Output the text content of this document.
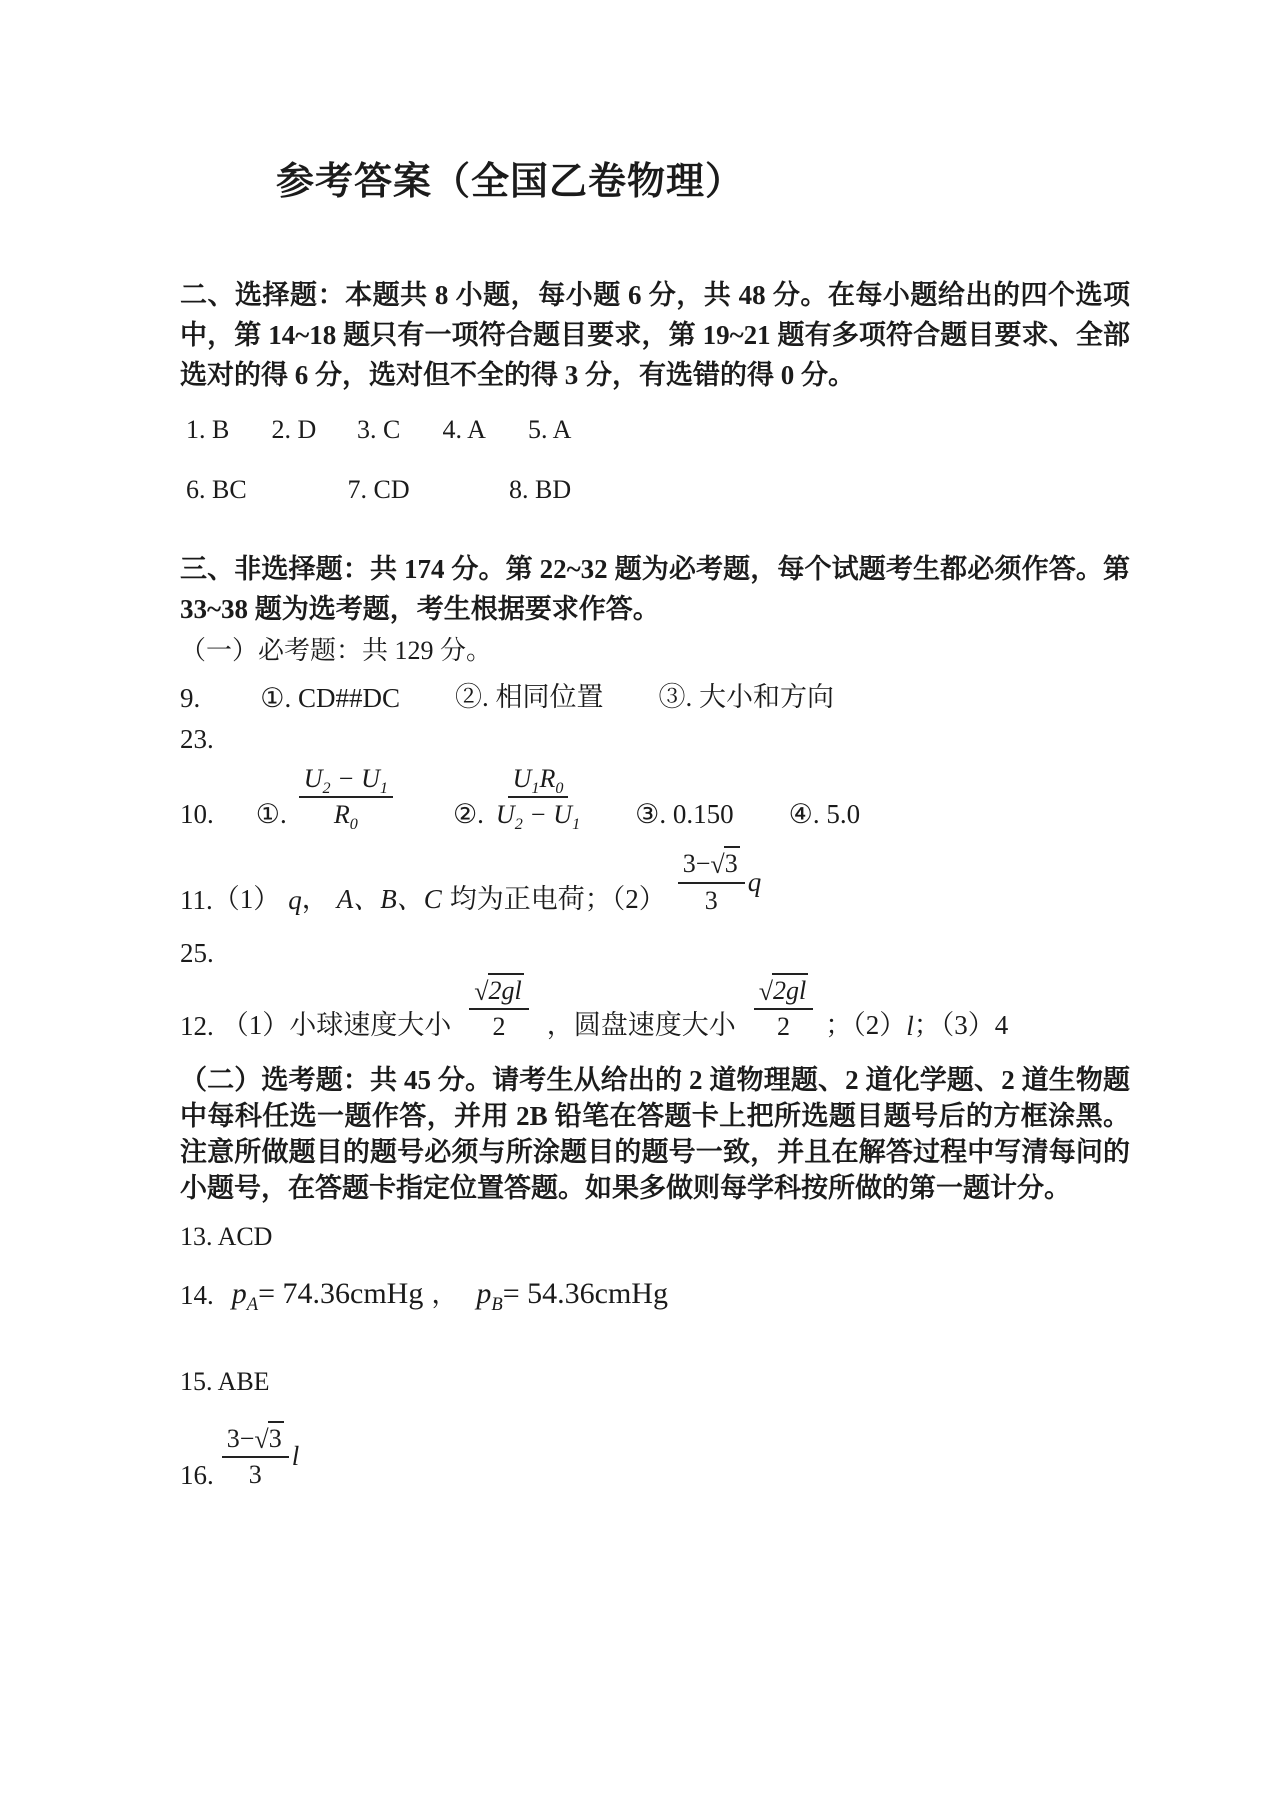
参考答案（全国乙卷物理）

二、选择题：本题共 8 小题，每小题 6 分，共 48 分。在每小题给出的四个选项中，第 14~18 题只有一项符合题目要求，第 19~21 题有多项符合题目要求、全部选对的得 6 分，选对但不全的得 3 分，有选错的得 0 分。

1. B 2. D 3. C 4. A 5. A
6. BC	7. CD	8. BD

三、非选择题：共 174 分。第 22~32 题为必考题，每个试题考生都必须作答。第 33~38 题为选考题，考生根据要求作答。

（一）必考题：共 129 分。

9. ①. CD##DC ②. 相同位置 ③. 大小和方向
23.
10. ①. $\frac{U_2 - U_1}{R_0}$ ②. $\frac{U_1R_0}{U_2 - U_1}$ ③. 0.150 ④. 5.0
11. （1） q ， A、B、C 均为正电荷；$(2) \frac{3-√3}{3}$ q
25.
12. （1）小球速度大小 $\frac{√2gl}{2}$ ，圆盘速度大小 $\frac{√2gl}{2}$ ；（2） l ；（3）4

（二）选考题：共 45 分。请考生从给出的 2 道物理题、2 道化学题、2 道生物题中每科任选一题作答，并用 2B 铅笔在答题卡上把所选题目题号后的方框涂黑。注意所做题目的题号必须与所涂题目的题号一致，并且在解答过程中写清每问的小题号，在答题卡指定位置答题。如果多做则每学科按所做的第一题计分。

13. ACD
14. $p_A$ = 74.36cmHg ， $p_B$ = 54.36cmHg
15. ABE
16. $\frac{3-√3}{3}$ l
